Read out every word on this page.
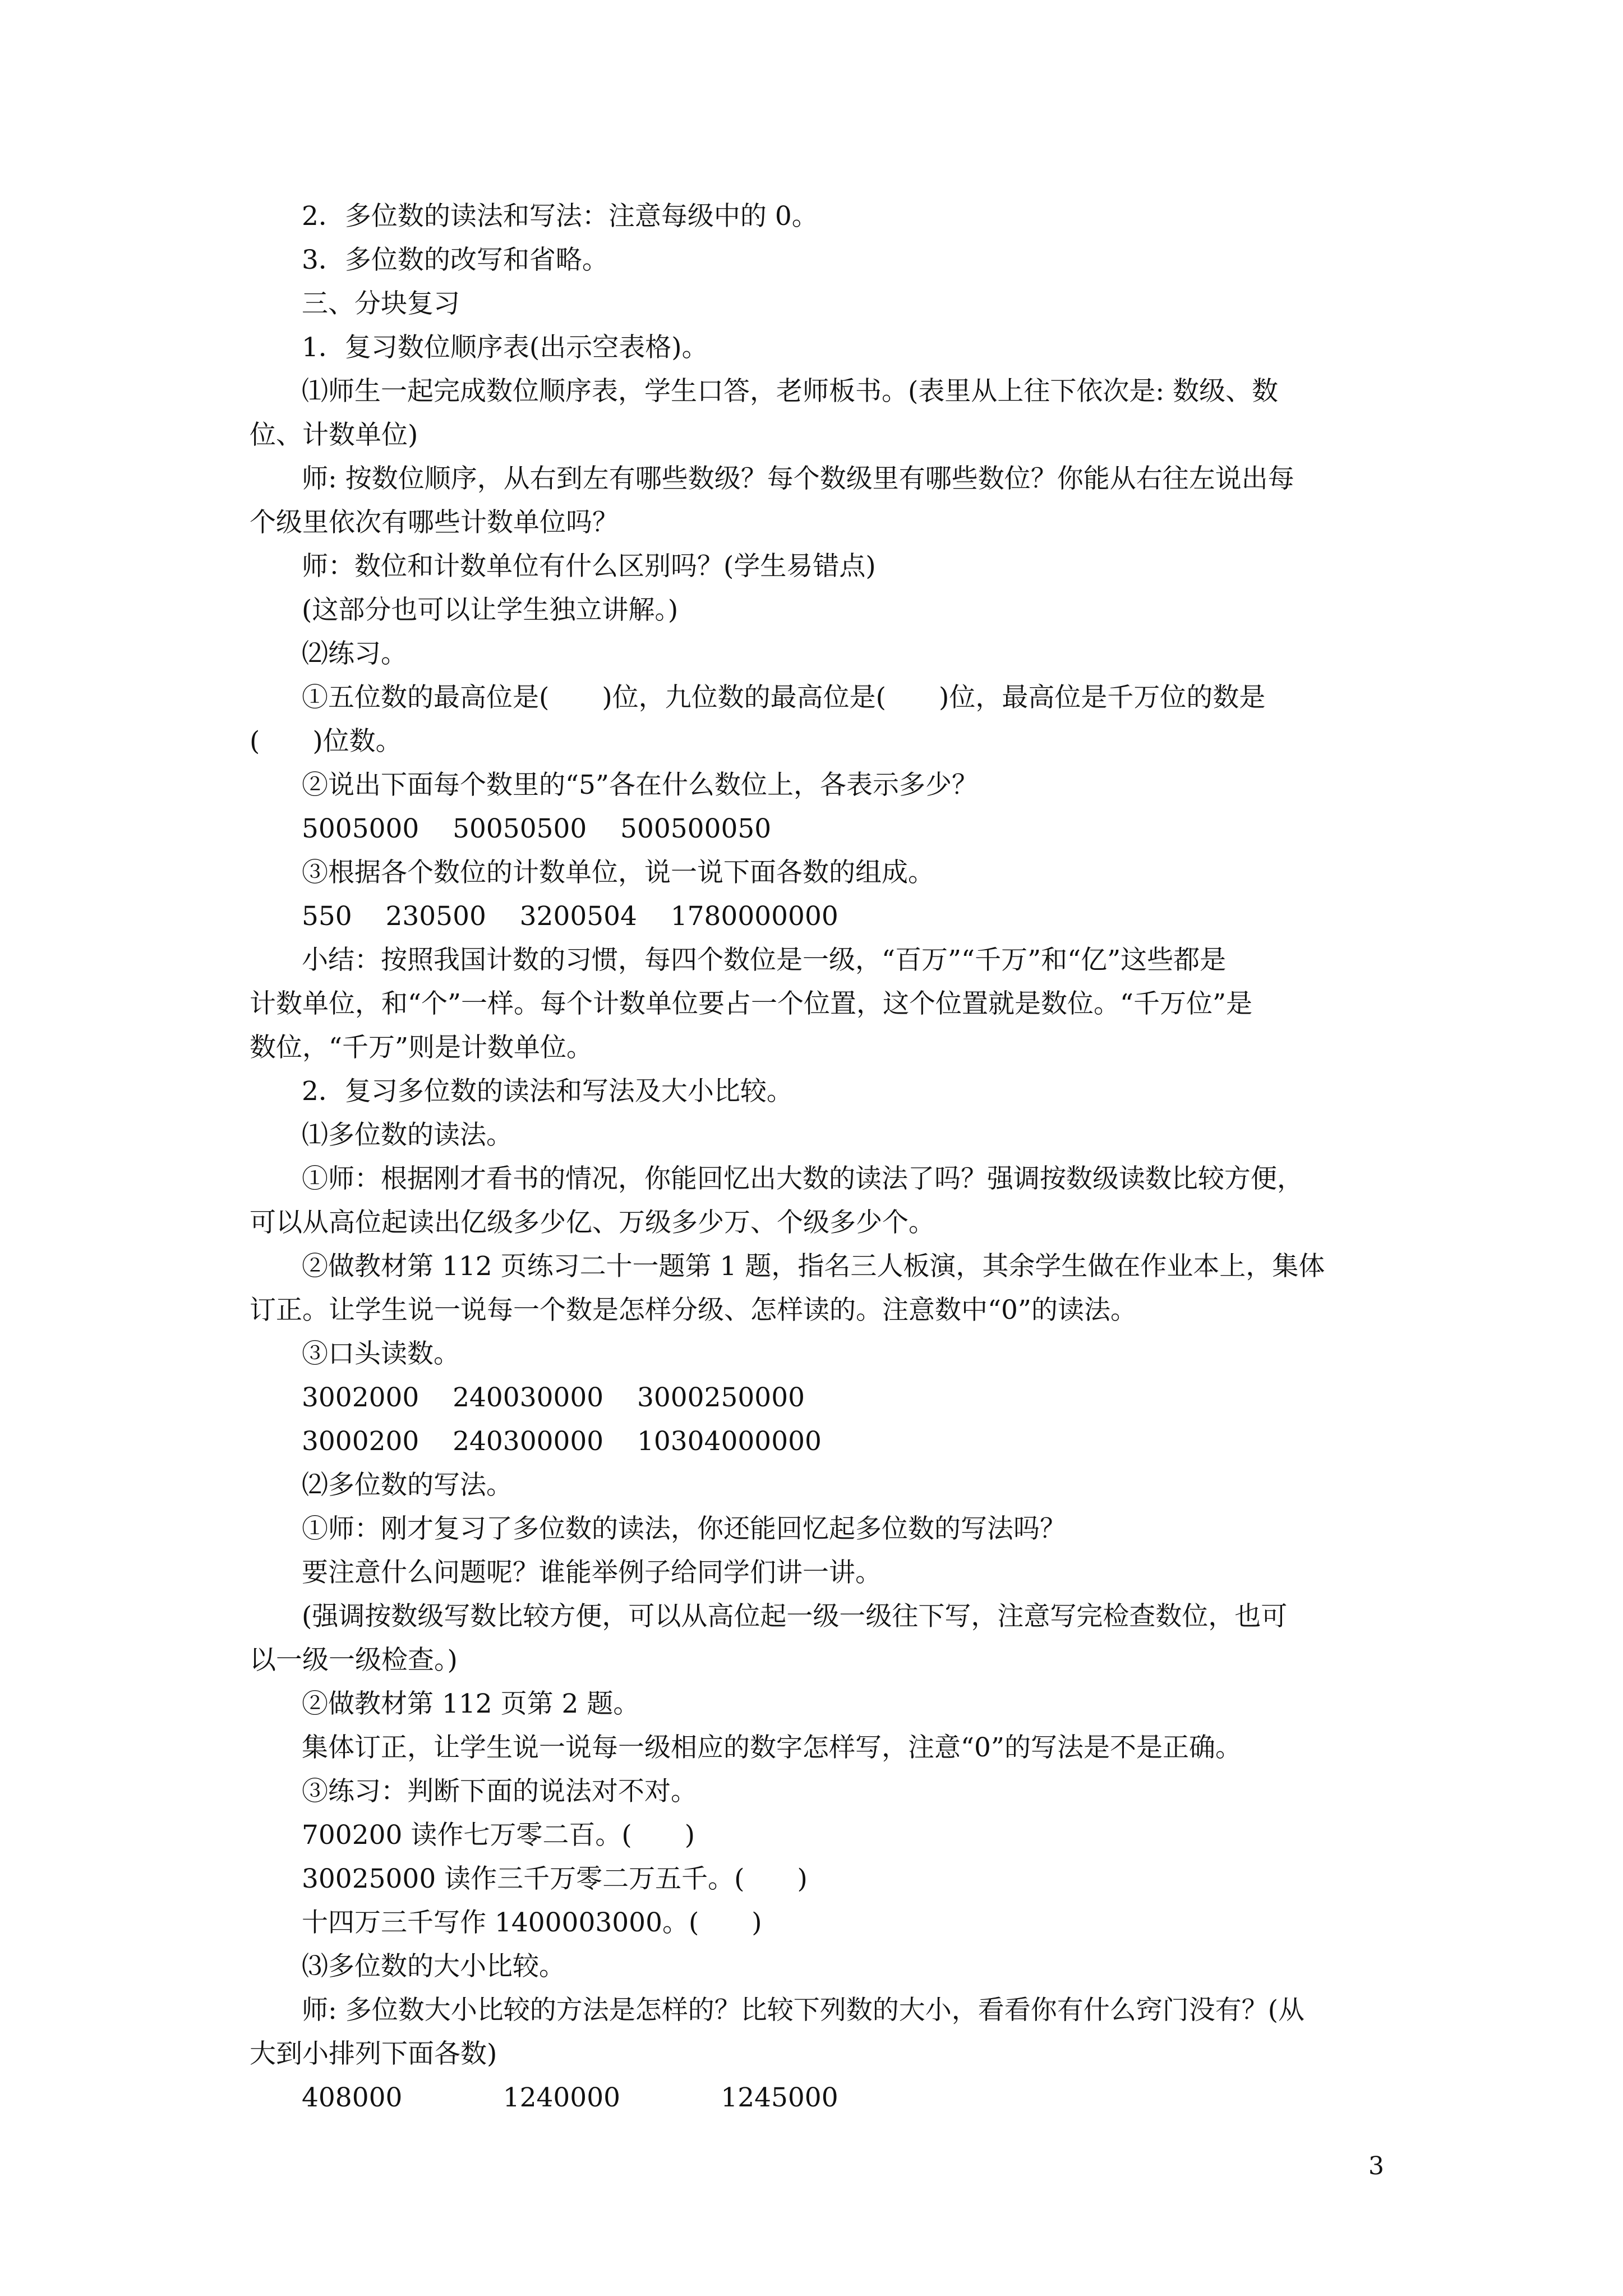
2．多位数的读法和写法：注意每级中的 0。
3．多位数的改写和省略。
三、分块复习
1．复习数位顺序表(出示空表格)。
⑴师生一起完成数位顺序表，学生口答，老师板书。(表里从上往下依次是: 数级、数
位、计数单位)
师: 按数位顺序，从右到左有哪些数级？每个数级里有哪些数位？你能从右往左说出每
个级里依次有哪些计数单位吗？
师：数位和计数单位有什么区别吗？(学生易错点)
(这部分也可以让学生独立讲解。)
⑵练习。
①五位数的最高位是(　　)位，九位数的最高位是(　　)位，最高位是千万位的数是
(　　)位数。
②说出下面每个数里的“5”各在什么数位上，各表示多少？
5005000    50050500    500500050
③根据各个数位的计数单位，说一说下面各数的组成。
550    230500    3200504    1780000000
小结：按照我国计数的习惯，每四个数位是一级，“百万”“千万”和“亿”这些都是
计数单位，和“个”一样。每个计数单位要占一个位置，这个位置就是数位。“千万位”是
数位，“千万”则是计数单位。
2．复习多位数的读法和写法及大小比较。
⑴多位数的读法。
①师：根据刚才看书的情况，你能回忆出大数的读法了吗？强调按数级读数比较方便，
可以从高位起读出亿级多少亿、万级多少万、个级多少个。
②做教材第 112 页练习二十一题第 1 题，指名三人板演，其余学生做在作业本上，集体
订正。让学生说一说每一个数是怎样分级、怎样读的。注意数中“0”的读法。
③口头读数。
3002000    240030000    3000250000
3000200    240300000    10304000000
⑵多位数的写法。
①师：刚才复习了多位数的读法，你还能回忆起多位数的写法吗？
要注意什么问题呢？谁能举例子给同学们讲一讲。
(强调按数级写数比较方便，可以从高位起一级一级往下写，注意写完检查数位，也可
以一级一级检查。)
②做教材第 112 页第 2 题。
集体订正，让学生说一说每一级相应的数字怎样写，注意“0”的写法是不是正确。
③练习：判断下面的说法对不对。
700200 读作七万零二百。(　　)
30025000 读作三千万零二万五千。(　　)
十四万三千写作 1400003000。(　　)
⑶多位数的大小比较。
师: 多位数大小比较的方法是怎样的？比较下列数的大小，看看你有什么窍门没有？(从
大到小排列下面各数)
408000            1240000            1245000
3
